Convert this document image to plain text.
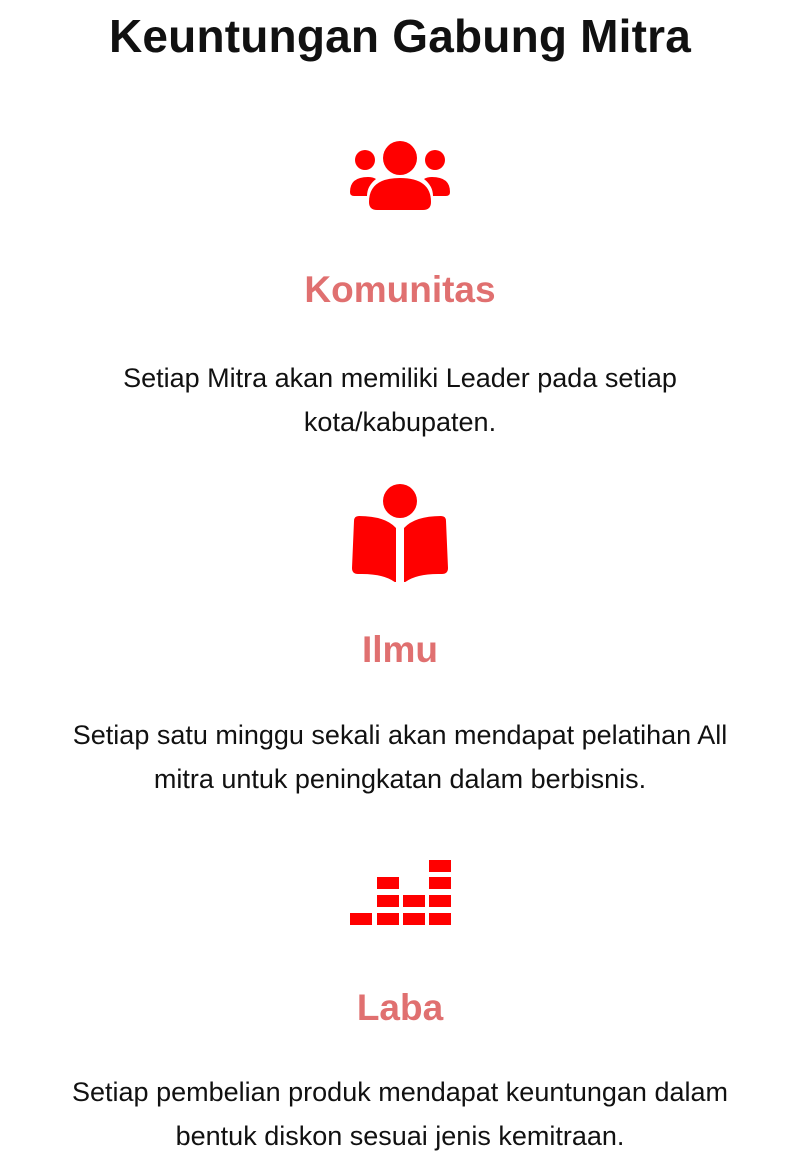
Keuntungan Gabung Mitra
Komunitas

Setiap Mitra akan memiliki Leader pada setiap kota/kabupaten.

Ilmu

Setiap satu minggu sekali akan mendapat pelatihan All mitra untuk peningkatan dalam berbisnis.

Laba

Setiap pembelian produk mendapat keuntungan dalam bentuk diskon sesuai jenis kemitraan.
